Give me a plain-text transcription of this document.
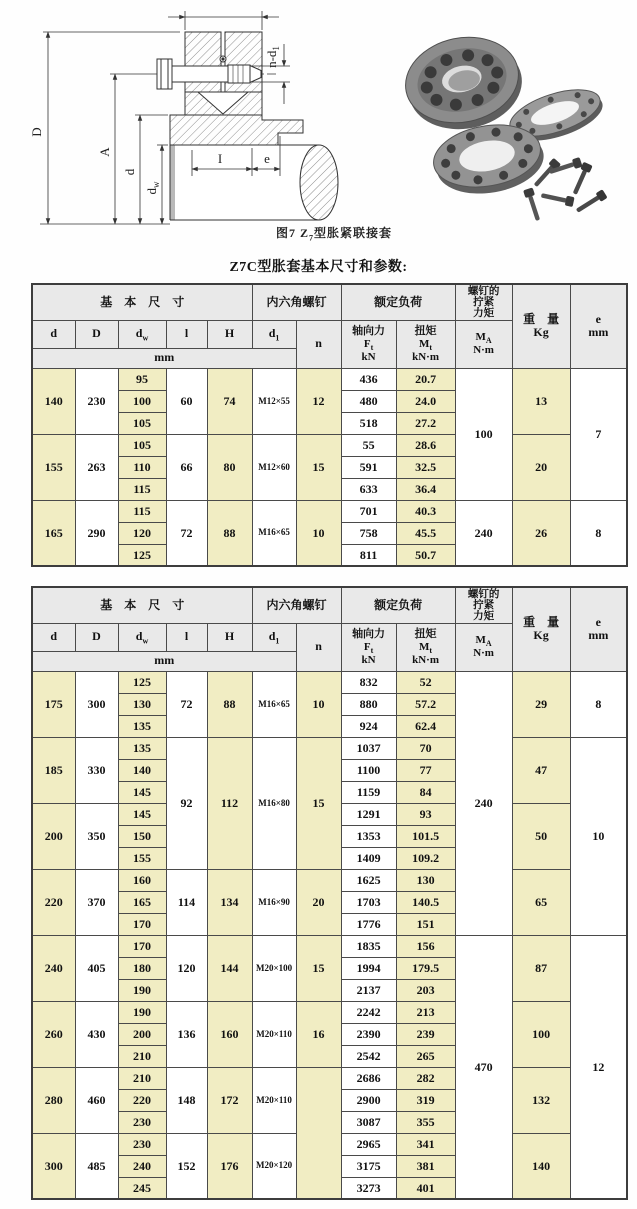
D
A
d
$d_w$
I	e
$n-d_1$
图7 $Z_7$型胀紧联接套
Z7C型胀套基本尺寸和参数:
基　本　尺　寸	内六角螺钉	额定负荷	
螺钉的
拧紧
力矩	重　量
Kg

e
mm

d	D	$d_w$	l	H	$d_1$	n	
轴向力
$F_t$
kN

扭矩
$M_t$
kN·m

$M_A$
N·m

mm											
140	230	95	60	74	M12×55	12	436	20.7	100	13	7
		100					480	24.0			
		105					518	27.2			
155	263	105	66	80	M12×60	15	55	28.6		20	
		110					591	32.5			
		115					633	36.4			
165	290	115	72	88	M16×65	10	701	40.3	240	26	8
		120					758	45.5			
		125					811	50.7			
基　本　尺　寸	内六角螺钉	额定负荷	
螺钉的
拧紧
力矩	重　量
Kg

e
mm

d	D	$d_w$	l	H	$d_1$	n	
轴向力
$F_t$
kN

扭矩
$M_t$
kN·m

$M_A$
N·m

mm											
175	300	125	72	88	M16×65	10	832	52	240	29	8
		130					880	57.2			
		135					924	62.4			
185	330	135	92	112	M16×80	15	1037	70		47	10
		140					1100	77			
		145					1159	84			
200	350	145					1291	93		50	
		150					1353	101.5			
		155					1409	109.2			
220	370	160	114	134	M16×90	20	1625	130		65	
		165					1703	140.5			
		170					1776	151			
240	405	170	120	144	M20×100	15	1835	156	470	87	12
		180					1994	179.5			
		190					2137	203			
260	430	190	136	160	M20×110	16	2242	213		100	
		200					2390	239			
		210					2542	265			
280	460	210	148	172	M20×110		2686	282		132	
		220					2900	319			
		230					3087	355			
300	485	230	152	176	M20×120		2965	341		140	
		240					3175	381			
		245					3273	401			
